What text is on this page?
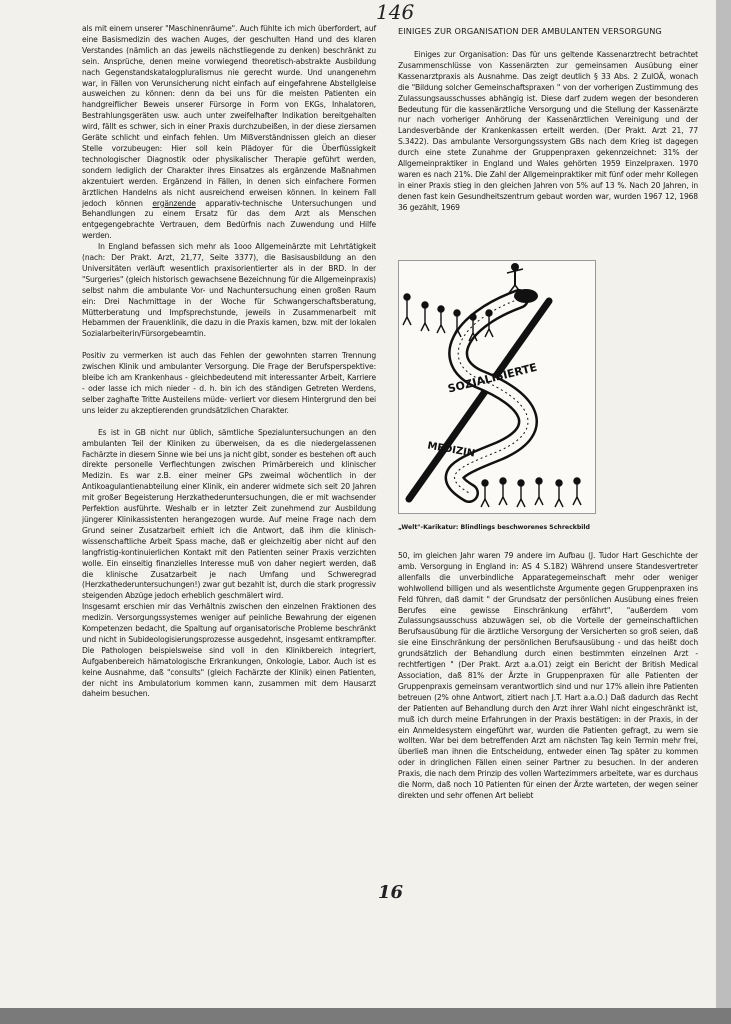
146

als mit einem unserer "Maschinenräume". Auch fühlte ich mich überfordert, auf eine Basismedizin des wachen Auges, der geschulten Hand und des klaren Verstandes (nämlich an das jeweils nächstliegende zu denken) beschränkt zu sein. Ansprüche, denen meine vorwiegend theoretisch-abstrakte Ausbildung nach Gegenstandskatalogpluralismus nie gerecht wurde. Und unangenehm war, in Fällen von Verunsicherung nicht einfach auf eingefahrene Abstellgleise ausweichen zu können: denn da bei uns für die meisten Patienten ein handgreiflicher Beweis unserer Fürsorge in Form von EKGs, Inhalatoren, Bestrahlungsgeräten usw. auch unter zweifelhafter Indikation bereitgehalten wird, fällt es schwer, sich in einer Praxis durchzubeißen, in der diese ziersamen Geräte schlicht und einfach fehlen. Um Mißverständnissen gleich an dieser Stelle vorzubeugen: Hier soll kein Plädoyer für die Überflüssigkeit technologischer Diagnostik oder physikalischer Therapie geführt werden, sondern lediglich der Charakter ihres Einsatzes als ergänzende Maßnahmen akzentuiert werden. Ergänzend in Fällen, in denen sich einfachere Formen ärztlichen Handelns als nicht ausreichend erweisen können. In keinem Fall jedoch können ergänzende apparativ-technische Untersuchungen und Behandlungen zu einem Ersatz für das dem Arzt als Menschen entgegengebrachte Vertrauen, dem Bedürfnis nach Zuwendung und Hilfe werden.

In England befassen sich mehr als 1ooo Allgemeinärzte mit Lehrtätigkeit (nach: Der Prakt. Arzt, 21,77, Seite 3377), die Basisausbildung an den Universitäten verläuft wesentlich praxisorientierter als in der BRD. In der "Surgeries" (gleich historisch gewachsene Bezeichnung für die Allgemeinpraxis) selbst nahm die ambulante Vor- und Nachuntersuchung einen großen Raum ein: Drei Nachmittage in der Woche für Schwangerschaftsberatung, Mütterberatung und Impfsprechstunde, jeweils in Zusammenarbeit mit Hebammen der Frauenklinik, die dazu in die Praxis kamen, bzw. mit der lokalen Sozialarbeiterin/Fürsorgebeamtin.

Positiv zu vermerken ist auch das Fehlen der gewohnten starren Trennung zwischen Klinik und ambulanter Versorgung. Die Frage der Berufsperspektive: bleibe ich am Krankenhaus - gleichbedeutend mit interessanter Arbeit, Karriere - oder lasse ich mich nieder - d. h. bin ich des ständigen Getreten Werdens, selber zaghafte Tritte Austeilens müde- verliert vor diesem Hintergrund den bei uns leider zu akzeptierenden grundsätzlichen Charakter.

Es ist in GB nicht nur üblich, sämtliche Spezialuntersuchungen an den ambulanten Teil der Kliniken zu überweisen, da es die niedergelassenen Fachärzte in diesem Sinne wie bei uns ja nicht gibt, sonder es bestehen oft auch direkte personelle Verflechtungen zwischen Primärbereich und klinischer Medizin. Es war z.B. einer meiner GPs zweimal wöchentlich in der Antikoagulantienabteilung einer Klinik, ein anderer widmete sich seit 20 Jahren mit großer Begeisterung Herzkathederuntersuchungen, die er mit wachsender Perfektion ausführte. Weshalb er in letzter Zeit zunehmend zur Ausbildung jüngerer Klinikassistenten herangezogen wurde. Auf meine Frage nach dem Grund seiner Zusatzarbeit erhielt ich die Antwort, daß ihm die klinisch-wissenschaftliche Arbeit Spass mache, daß er gleichzeitig aber nicht auf den langfristig-kontinuierlichen Kontakt mit den Patienten seiner Praxis verzichten wolle. Ein einseitig finanzielles Interesse muß von daher negiert werden, daß die klinische Zusatzarbeit je nach Umfang und Schweregrad (Herzkathederuntersuchungen!) zwar gut bezahlt ist, durch die stark progressiv steigenden Abzüge jedoch erheblich geschmälert wird.

Insgesamt erschien mir das Verhältnis zwischen den einzelnen Fraktionen des medizin. Versorgungssystemes weniger auf peinliche Bewahrung der eigenen Kompetenzen bedacht, die Spaltung auf organisatorische Probleme beschränkt und nicht in Subideologisierungsprozesse ausgedehnt, insgesamt entkrampfter. Die Pathologen beispielsweise sind voll in den Klinikbereich integriert, Aufgabenbereich hämatologische Erkrankungen, Onkologie, Labor. Auch ist es keine Ausnahme, daß "consults" (gleich Fachärzte der Klinik) einen Patienten, der nicht ins Ambulatorium kommen kann, zusammen mit dem Hausarzt daheim besuchen.

EINIGES ZUR ORGANISATION DER AMBULANTEN VERSORGUNG

Einiges zur Organisation: Das für uns geltende Kassenarztrecht betrachtet Zusammenschlüsse von Kassenärzten zur gemeinsamen Ausübung einer Kassenarztpraxis als Ausnahme. Das zeigt deutlich § 33 Abs. 2 ZulOÄ, wonach die "Bildung solcher Gemeinschaftspraxen " von der vorherigen Zustimmung des Zulassungsausschusses abhängig ist. Diese darf zudem wegen der besonderen Bedeutung für die kassenärztliche Versorgung und die Stellung der Kassenärzte nur nach vorheriger Anhörung der Kassenärztlichen Vereinigung und der Landesverbände der Krankenkassen erteilt werden. (Der Prakt. Arzt 21, 77 S.3422). Das ambulante Versorgungssystem GBs nach dem Krieg ist dagegen durch eine stete Zunahme der Gruppenpraxen gekennzeichnet: 31% der Allgemeinpraktiker in England und Wales gehörten 1959 Einzelpraxen. 1970 waren es nach 21%. Die Zahl der Allgemeinpraktiker mit fünf oder mehr Kollegen in einer Praxis stieg in den gleichen Jahren von 5% auf 13 %. Nach 20 Jahren, in denen fast kein Gesundheitszentrum gebaut worden war, wurden 1967 12, 1968 36 gezählt, 1969

SOZIALISIERTE
MEDIZIN
„Welt"-Karikatur: Blindlings beschworenes Schreckbild

50, im gleichen Jahr waren 79 andere im Aufbau (J. Tudor Hart Geschichte der amb. Versorgung in England in: AS 4 S.182) Während unsere Standesvertreter allenfalls die unverbindliche Apparategemeinschaft mehr oder weniger wohlwollend billigen und als wesentlichste Argumente gegen Gruppenpraxen ins Feld führen, daß damit " der Grundsatz der persönlichen Ausübung eines freien Berufes eine gewisse Einschränkung erfährt", "außerdem vom Zulassungsausschuss abzuwägen sei, ob die Vorteile der gemeinschaftlichen Berufsausübung für die ärztliche Versorgung der Versicherten so groß seien, daß sie eine Einschränkung der persönlichen Berufsausübung - und das heißt doch grundsätzlich der Behandlung durch einen bestimmten einzelnen Arzt - rechtfertigen " (Der Prakt. Arzt a.a.O1) zeigt ein Bericht der British Medical Association, daß 81% der Ärzte in Gruppenpraxen für alle Patienten der Gruppenpraxis gemeinsam verantwortlich sind und nur 17% allein ihre Patienten betreuen (2% ohne Antwort, zitiert nach J.T. Hart a.a.O.) Daß dadurch das Recht der Patienten auf Behandlung durch den Arzt ihrer Wahl nicht eingeschränkt ist, muß ich durch meine Erfahrungen in der Praxis bestätigen: in der Praxis, in der ein Anmeldesystem eingeführt war, wurden die Patienten gefragt, zu wem sie wollten. War bei dem betreffenden Arzt am nächsten Tag kein Termin mehr frei, überließ man ihnen die Entscheidung, entweder einen Tag später zu kommen oder in dringlichen Fällen einen seiner Partner zu besuchen. In der anderen Praxis, die nach dem Prinzip des vollen Wartezimmers arbeitete, war es durchaus die Norm, daß noch 10 Patienten für einen der Ärzte warteten, der wegen seiner direkten und sehr offenen Art beliebt

16
